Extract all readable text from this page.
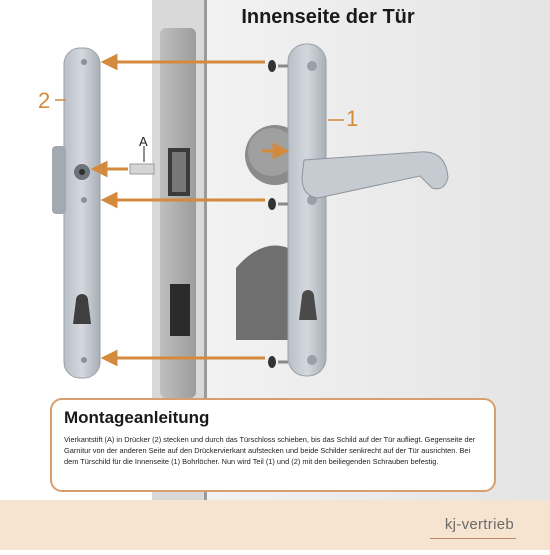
Innenseite der Tür
1
2
A

Montageanleitung

Vierkantstift (A) in Drücker (2) stecken und durch das Türschloss schieben, bis das Schild auf der Tür aufliegt. Gegenseite der Garnitur von der anderen Seite auf den Drückervierkant aufstecken und beide Schilder senkrecht auf der Tür ausrichten. Bei dem Türschild für die Innenseite (1) Bohrlöcher. Nun wird Teil (1) und (2) mit den beiliegenden Schrauben befestig.

kj-vertrieb
